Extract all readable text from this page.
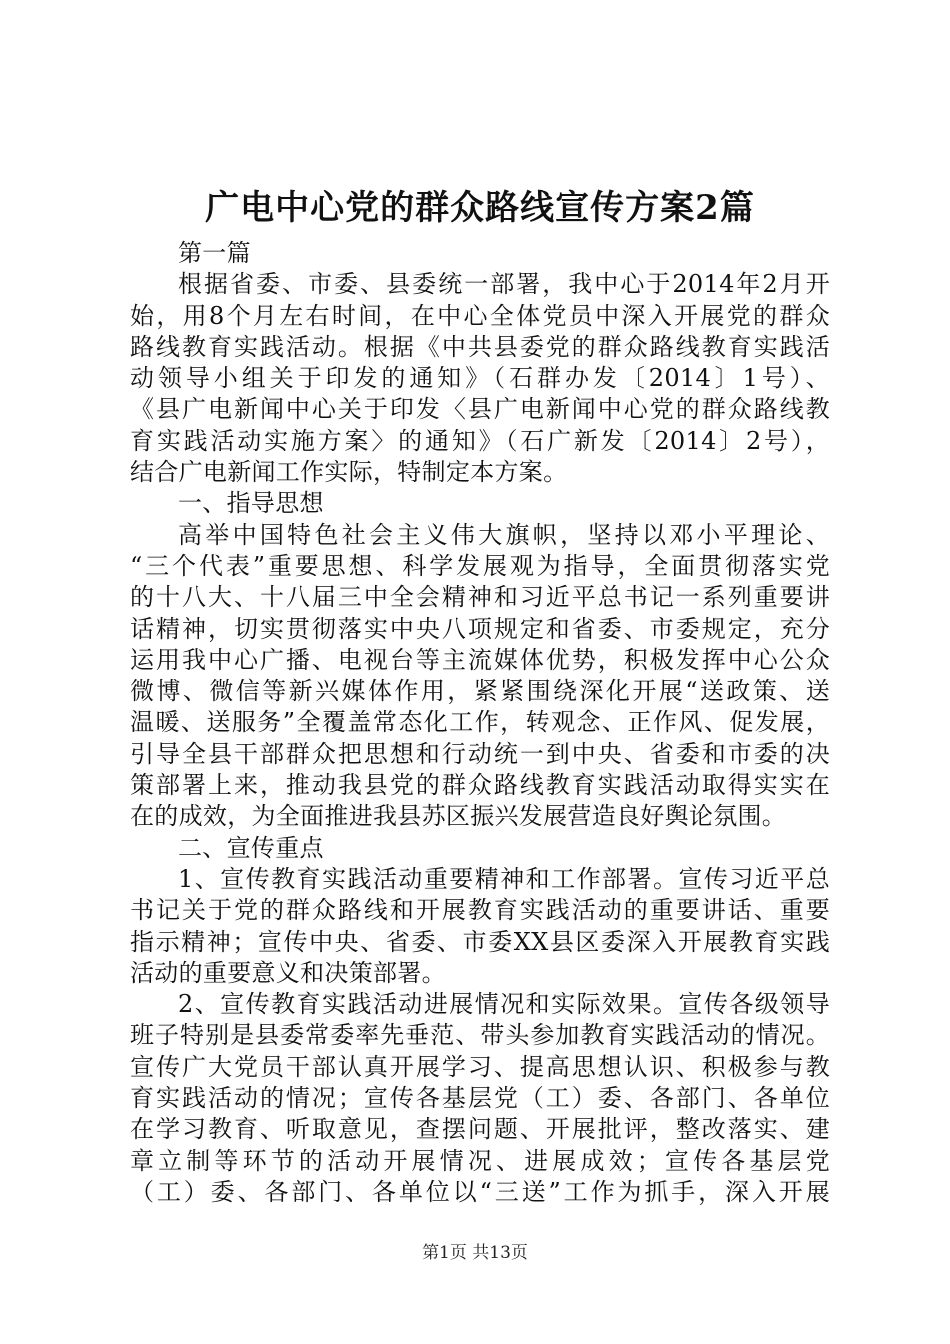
广电中心党的群众路线宣传方案2篇

第一篇

根据省委、市委、县委统一部署，我中心于2014年2月开

始，用8个月左右时间，在中心全体党员中深入开展党的群众

路线教育实践活动。根据《中共县委党的群众路线教育实践活

动领导小组关于印发的通知》（石群办发〔2014〕1号）、

《县广电新闻中心关于印发〈县广电新闻中心党的群众路线教

育实践活动实施方案〉的通知》（石广新发〔2014〕2号），

结合广电新闻工作实际，特制定本方案。

一、指导思想

高举中国特色社会主义伟大旗帜，坚持以邓小平理论、

“三个代表”重要思想、科学发展观为指导，全面贯彻落实党

的十八大、十八届三中全会精神和习近平总书记一系列重要讲

话精神，切实贯彻落实中央八项规定和省委、市委规定，充分

运用我中心广播、电视台等主流媒体优势，积极发挥中心公众

微博、微信等新兴媒体作用，紧紧围绕深化开展“送政策、送

温暖、送服务”全覆盖常态化工作，转观念、正作风、促发展，

引导全县干部群众把思想和行动统一到中央、省委和市委的决

策部署上来，推动我县党的群众路线教育实践活动取得实实在

在的成效，为全面推进我县苏区振兴发展营造良好舆论氛围。

二、宣传重点

1、宣传教育实践活动重要精神和工作部署。宣传习近平总

书记关于党的群众路线和开展教育实践活动的重要讲话、重要

指示精神；宣传中央、省委、市委XX县区委深入开展教育实践

活动的重要意义和决策部署。

2、宣传教育实践活动进展情况和实际效果。宣传各级领导

班子特别是县委常委率先垂范、带头参加教育实践活动的情况。

宣传广大党员干部认真开展学习、提高思想认识、积极参与教

育实践活动的情况；宣传各基层党（工）委、各部门、各单位

在学习教育、听取意见，查摆问题、开展批评，整改落实、建

章立制等环节的活动开展情况、进展成效；宣传各基层党

（工）委、各部门、各单位以“三送”工作为抓手，深入开展

第1页 共13页
